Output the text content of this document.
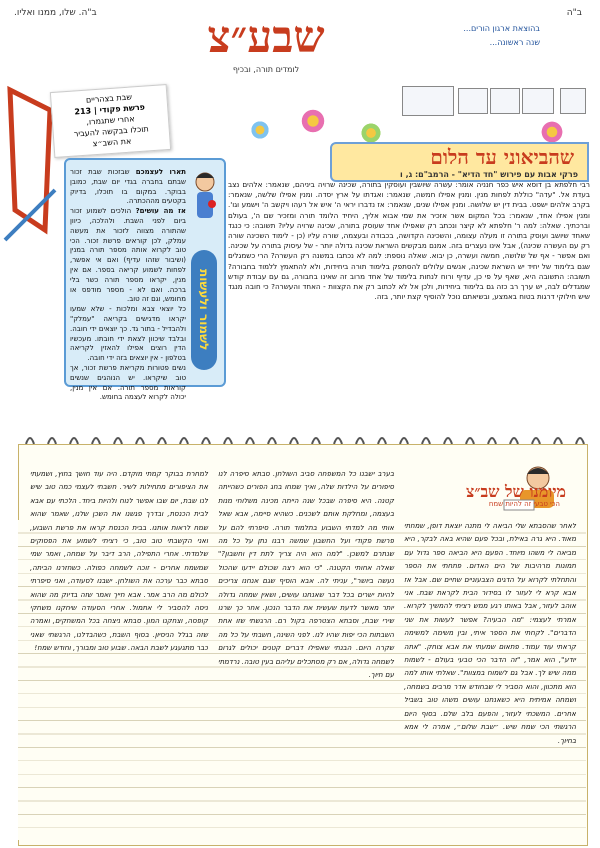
ב"ה
ב"ה. שלו, ממנו ואליו.
בהוצאת ארגון הורים...
שנה ראשונה...
שבע״צ
לומדים תורה, ובכיף
שבת בצהריים
פרשת פקודי | 213
אחרי שתגמרו,
תוכלו בבקשה להעביר
את השב״צ
שהביאוני עד הלום
פרקי אבות עם פירוש "חד הדיא" - הרמב"ם: ג, ו
רבי חלפתא בן דוסא איש כפר חנניה אומר: עשרה שיושבין ועוסקין בתורה, שכינה שרויה ביניהם, שנאמר: אלהים נצב בעדת אל. "עדה" כוללת לפחות מנין. ומנין אפילו חמשה, שנאמר: ואגדתו על ארץ יסדה. ומנין אפילו שלשה, שנאמר: בקרב אלהים ישפט. בבית דין יש שלושה. ומנין אפילו שנים, שנאמר: אז נדברו יראי ה' איש אל רעהו ויקשב ה' וישמע וגו'. ומנין אפילו אחד, שנאמר: בכל המקום אשר אזכיר את שמי אבוא אליך, היחיד הלומד תורה ומזכיר שם ה', בעולם וברכתיך. שאלה: למה ר' חלפתא לא קיצר ונכתב רק שאפילו אחד שעוסק בתורה, שכינה שרויה עליו? תשובה: כי כנגד שאחד שיושב ועוסק בתורה זו מעלה עצומה, והשכינה הקדושה, בכבודה ובעצמה, שורה עליו (כן - לימוד השכינה שורה רק עם העשרה שכינה), אבל אינו נעצרים בזה. אמנם מבקשים השראת שכינה גדולה יותר - של עיסוק בתורה על שכינה. ואם אפשר - אף של שלושה, חמשה ועשרה, כן יבוא. שאלה נוספת: למה לא נכתבו במשנה רק העשרה? הרי כשמגלים שגם בלימוד של יחיד יש השראת שכינה, אנשים עלולים להסתפק בלימוד תורה ביחידות, ולא להתאמץ ללמוד בחבורה? תשובה: התשובה היא, שאף על פי כן, עדיף ורוח לנחות בלימוד של אחד מרוב זה שאינו בחבורה, גם עם עבודת קודש שמגדלים לבה, יש ערך רב כזה גם בלימוד ביחידות, ולכן אל לא לכתוב רק את הקצוות - האחד והעשרה? כי חובה מנגד שיש חילוקי דרגות בטוח באמצע, ובשיאתם נוכל להוסיף קצת יותר, בזה.
תארו לעצמכם שבזכות שבת זכור שבתם בחברה בגדי יום שבת, כמובן בבוקר. במקום בו תוכלו, בדיוק בקטעים מההכתרה.
אז מה עושים? הולכים לשמוע זכור ביום לפני השבת. ולהלכה, כיוון שהתורה מצווה לזכור את מעשה עמלק, לכן קוראים פרשת זכור. הכי טוב לקרוא אותה מספר תורה במנין (ושיבור שזהו עדיף) ואם אי אפשר, לפחות לשמוע קריאה בספר. אם אין מנין, יקראו מספר תורה כשר בלי ברכה. ואם לא - מספר מודפס או מחומש, וגם זה טוב.
כל יוצאי צבא ומלכות - שלא שמעו יקראו מדגישים בקריאה "עמלק" ולהבדיל - בתור גד. כך יוצאים ידי חובה. ובלבד שיכוון לצאת ידי חובתו. מעכשיו הדין רוצים אפילו להאזין לקריאה בטלפון - אין יוצאים בזה ידי חובה.
נשים פטורות מקריאת פרשת זכור, אך טוב שיקראו. יש הנוהגים שנשים קוראות מספר תורה. אם אין מנין, יכולה לקרוא לעצמה בחומש.
לשמור ולעשות
מיומנו של שב״צ
הכי טבעי זה להיות שמח
לאחר שהסבתא שלי הביאה לי מתנה יוצאת דופן, שמחתי מאוד. היא גרה באילת, ובכל פעם שהיא באה לבקר, היא מביאה לי משהו מיוחד. הפעם היא הביאה ספר גדול עם תמונות מרהיבות של הים האדום. פתחתי את הספר והתחלתי לקרוא על הדגים הצבעוניים שחיים שם. אבל אז אבא קרא לי לעזור לו בסידור הבית לקראת שבת. אני אוהב לעזור, אבל באותו רגע ממש רציתי להמשיך לקרוא. אמרתי לעצמי: "מה הבעיה? אפשר לעשות את שני הדברים". לקחתי את הספר איתי, ובין משימה למשימה קראתי עוד עמוד. פתאום שמעתי את אבא צוחק. "אתה יודע", הוא אמר, "זה הדבר הכי טבעי בעולם - לשמוח ממה שיש לך. אבל גם לשמוח במצוות". שאלתי אותו למה הוא מתכוון, והוא הסביר לי שבחודש אדר מרבים בשמחה, ושמחה אמיתית היא כשאנחנו עושים משהו טוב בשביל אחרים. המשכתי לעזור, והפעם בלב שלם. בסוף היום הרגשתי הכי שמח שיש. ״שבת שלום״, אמרה לי אמא בחיוך.
בערב ישבנו כל המשפחה סביב השולחן. סבתא סיפרה לנו סיפורים על הילדות שלה, ואיך שמחו בחג הפורים כשהייתה קטנה. היא סיפרה שבכל שנה הייתה מכינה משלוחי מנות בעצמה, ומחלקת אותם לשכנים. כשהיא סיימה, אבא שאל אותי מה למדתי השבוע בתלמוד תורה. סיפרתי להם על פרשת פקודי ועל החשבון שמשה רבנו נתן על כל מה שנתרם למשכן. "למה הוא היה צריך לתת דין וחשבון?" שאלה אחותי הקטנה. "כי הוא רצה שכולם יידעו שהכול נעשה ביושר", עניתי לה. אבא הוסיף שגם אנחנו צריכים להיות ישרים בכל דבר שאנחנו עושים, ושאין שמחה גדולה יותר מאשר לדעת שעשית את הדבר הנכון. אחר כך שרנו שירי שבת, וסבתא הצטרפה בקול רם. הרגשתי שזו אחת השבתות הכי יפות שהיו לנו. לפני השינה, חשבתי על כל מה שקרה היום. הבנתי שאפילו דברים קטנים יכולים לגרום לשמחה גדולה, אם רק מסתכלים עליהם בעין טובה. נרדמתי עם חיוך.
למחרת בבוקר קמתי מוקדם. היה עוד חושך בחוץ, ושמעתי את הציפורים מתחילות לשיר. חשבתי לעצמי כמה טוב שיש לנו שבת, יום שבו אפשר לנוח ולהיות ביחד. הלכתי עם אבא לבית הכנסת, ובדרך פגשנו את השכן שלנו, שאמר שהוא שמח לראות אותנו. בבית הכנסת קראו את פרשת השבוע, ואני הקשבתי טוב טוב, כי רציתי לשמוע את הפסוקים שלמדתי. אחרי התפילה, הרב דיבר על שמחה, ואמר שמי שמשמח אחרים - זוכה לשמחה כפולה. כשחזרנו הביתה, סבתא כבר ערכה את השולחן. ישבנו לסעודה, ואני סיפרתי לכולם מה הרב אמר. אבא חייך ואמר שזה בדיוק מה שהוא ניסה להסביר לי אתמול. אחרי הסעודה שיחקנו משחקי קופסה, וצחקנו המון. סבתא ניצחה בכל המשחקים, ואמרה שזה בגלל הניסיון. בסוף השבת, כשהבדלנו, הרגשתי שאני כבר מתגעגע לשבת הבאה. שבוע טוב ומבורך, וחודש שמח!
